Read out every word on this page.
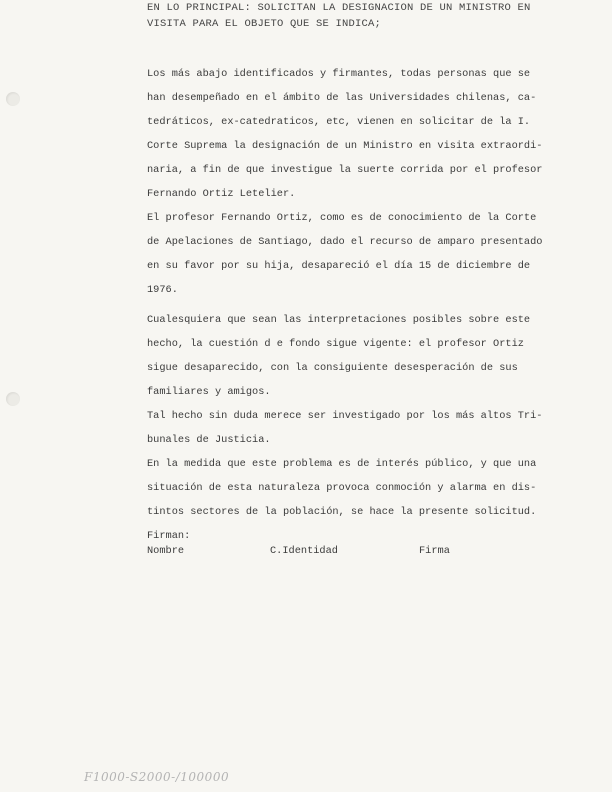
EN LO PRINCIPAL: SOLICITAN LA DESIGNACION DE UN MINISTRO EN
VISITA PARA EL OBJETO QUE SE INDICA;

Los más abajo identificados y firmantes, todas personas que se
han desempeñado en el ámbito de las Universidades chilenas, ca-
tedráticos, ex-catedraticos, etc, vienen en solicitar de la I.
Corte Suprema la designación de un Ministro en visita extraordi-
naria, a fin de que investigue la suerte corrida por el profesor
Fernando Ortiz Letelier.

El profesor Fernando Ortiz, como es de conocimiento de la Corte
de Apelaciones de Santiago, dado el recurso de amparo presentado
en su favor por su hija, desapareció el día 15 de diciembre de
1976.

Cualesquiera que sean las interpretaciones posibles sobre este
hecho, la cuestión d e fondo sigue vigente: el profesor Ortiz
sigue desaparecido, con la consiguiente desesperación de sus
familiares y amigos.

Tal hecho sin duda merece ser investigado por los más altos Tri-
bunales de Justicia.

En la medida que este problema es de interés público, y que una
situación de esta naturaleza provoca conmoción y alarma en dis-
tintos sectores de la población, se hace la presente solicitud.

Firman:

Nombre	C.Identidad	Firma
F1000-S2000-/100000
